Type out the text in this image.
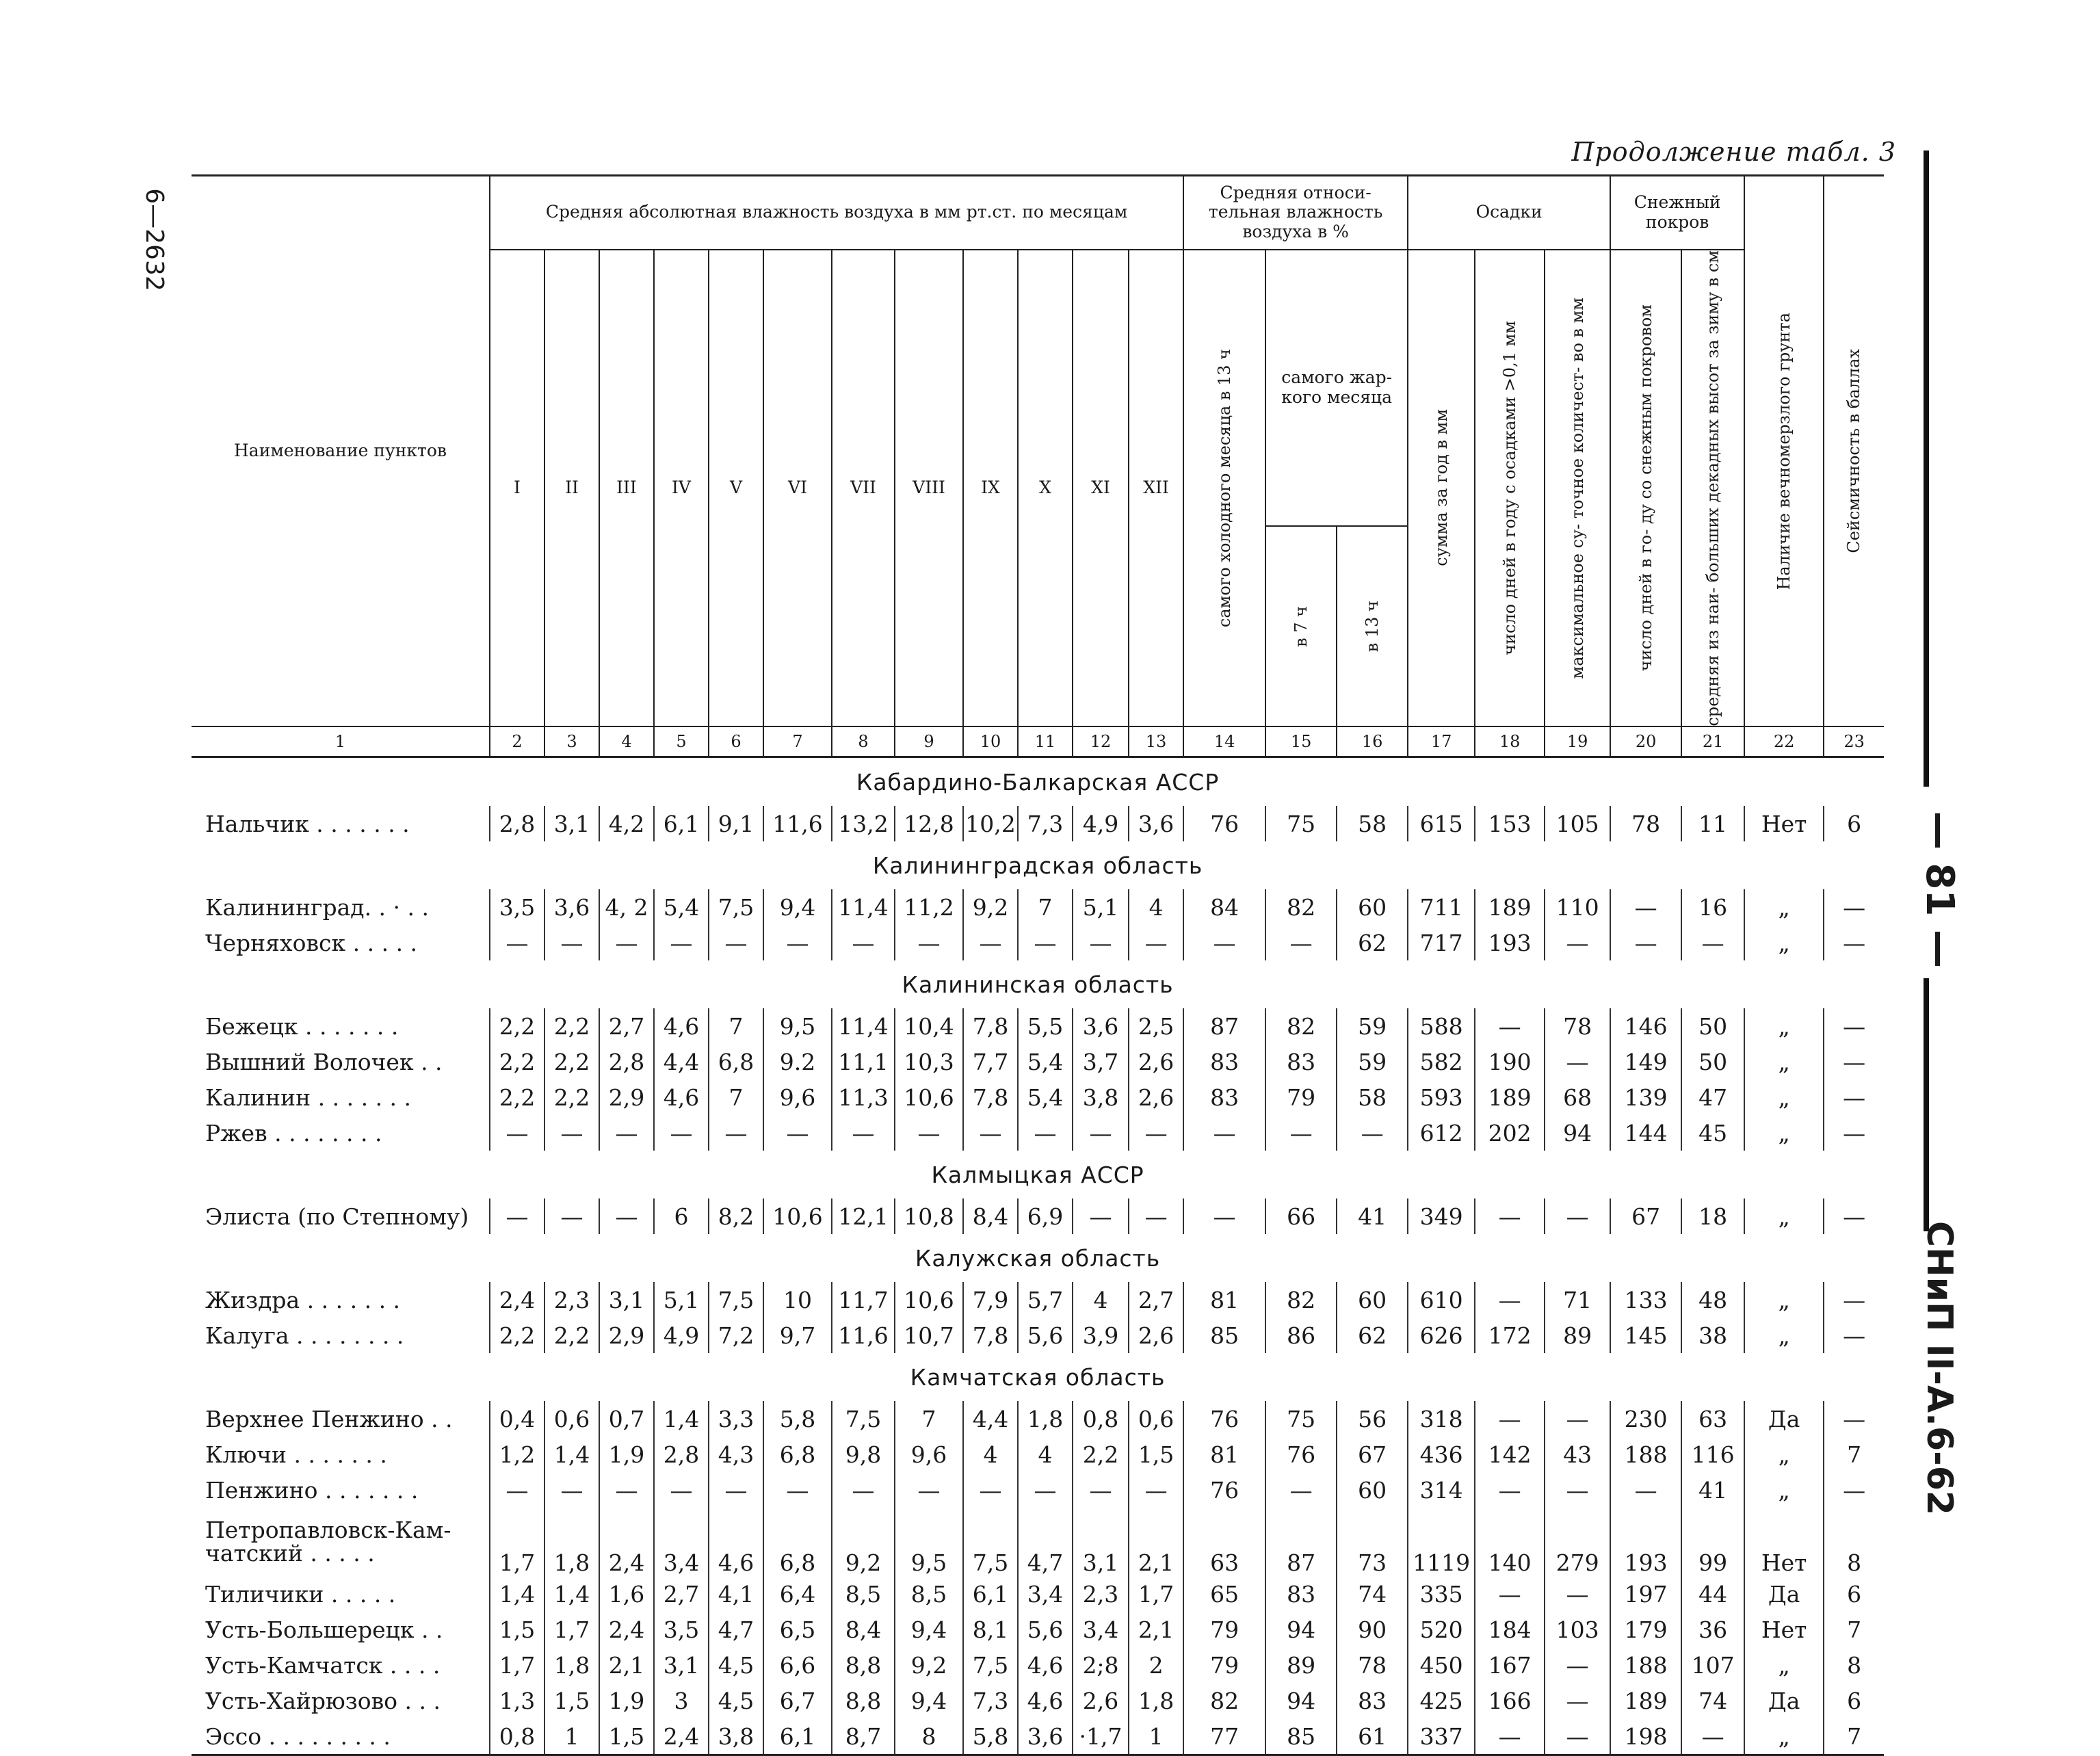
Продолжение табл. 3
6—2632
— 81 —
СНиП II-А.6-62
Наименование пунктов	Средняя абсолютная влажность воздуха в мм рт.ст. по месяцам												Средняя относи- тельная влажность воздуха в %			Осадки			Снежный покров		Наличие вечномерзлого грунта	Сейсмичность в баллах

	I	II	III	IV	V	VI	VII	VIII	IX	X	XI	XII	самого холодного месяца в 13 ч	самого жар- кого месяца		сумма за год в мм	число дней в году с осадками >0,1 мм	максимальное су- точное количест- во в мм	число дней в го- ду со снежным покровом	средняя из наи- больших декадных высот за зиму в см		

														в 7 ч	в 13 ч							

1	2	3	4	5	6	7	8	9	10	11	12	13	14	15	16	17	18	19	20	21	22	23
Кабардино-Балкарская АССР																						
Нальчик . . . . . . .	2,8	3,1	4,2	6,1	9,1	11,6	13,2	12,8	10,2	7,3	4,9	3,6	76	75	58	615	153	105	78	11	Нет	6
Калининградская область																						
Калининград. . · . .	3,5	3,6	4, 2	5,4	7,5	9,4	11,4	11,2	9,2	7	5,1	4	84	82	60	711	189	110	—	16	„	—
Черняховск . . . . .	—	—	—	—	—	—	—	—	—	—	—	—	—	—	62	717	193	—	—	—	„	—
Калининская область																						
Бежецк . . . . . . .	2,2	2,2	2,7	4,6	7	9,5	11,4	10,4	7,8	5,5	3,6	2,5	87	82	59	588	—	78	146	50	„	—
Вышний Волочек . .	2,2	2,2	2,8	4,4	6,8	9.2	11,1	10,3	7,7	5,4	3,7	2,6	83	83	59	582	190	—	149	50	„	—
Калинин . . . . . . .	2,2	2,2	2,9	4,6	7	9,6	11,3	10,6	7,8	5,4	3,8	2,6	83	79	58	593	189	68	139	47	„	—
Ржев . . . . . . . .	—	—	—	—	—	—	—	—	—	—	—	—	—	—	—	612	202	94	144	45	„	—
Калмыцкая АССР																						
Элиста (по Степному)	—	—	—	6	8,2	10,6	12,1	10,8	8,4	6,9	—	—	—	66	41	349	—	—	67	18	„	—
Калужская область																						
Жиздра . . . . . . .	2,4	2,3	3,1	5,1	7,5	10	11,7	10,6	7,9	5,7	4	2,7	81	82	60	610	—	71	133	48	„	—
Калуга . . . . . . . .	2,2	2,2	2,9	4,9	7,2	9,7	11,6	10,7	7,8	5,6	3,9	2,6	85	86	62	626	172	89	145	38	„	—
Камчатская область																						
Верхнее Пенжино . .	0,4	0,6	0,7	1,4	3,3	5,8	7,5	7	4,4	1,8	0,8	0,6	76	75	56	318	—	—	230	63	Да	—
Ключи . . . . . . .	1,2	1,4	1,9	2,8	4,3	6,8	9,8	9,6	4	4	2,2	1,5	81	76	67	436	142	43	188	116	„	7
Пенжино . . . . . . .	—	—	—	—	—	—	—	—	—	—	—	—	76	—	60	314	—	—	—	41	„	—

Петропавловск-Кам- чатский . . . . .	1,7	1,8	2,4	3,4	4,6	6,8	9,2	9,5	7,5	4,7	3,1	2,1	63	87	73	1119	140	279	193	99	Нет	8
Тиличики . . . . .	1,4	1,4	1,6	2,7	4,1	6,4	8,5	8,5	6,1	3,4	2,3	1,7	65	83	74	335	—	—	197	44	Да	6
Усть-Большерецк . .	1,5	1,7	2,4	3,5	4,7	6,5	8,4	9,4	8,1	5,6	3,4	2,1	79	94	90	520	184	103	179	36	Нет	7
Усть-Камчатск . . . .	1,7	1,8	2,1	3,1	4,5	6,6	8,8	9,2	7,5	4,6	2;8	2	79	89	78	450	167	—	188	107	„	8
Усть-Хайрюзово . . .	1,3	1,5	1,9	3	4,5	6,7	8,8	9,4	7,3	4,6	2,6	1,8	82	94	83	425	166	—	189	74	Да	6
Эссо . . . . . . . . .	0,8	1	1,5	2,4	3,8	6,1	8,7	8	5,8	3,6	·1,7	1	77	85	61	337	—	—	198	—	„	7
